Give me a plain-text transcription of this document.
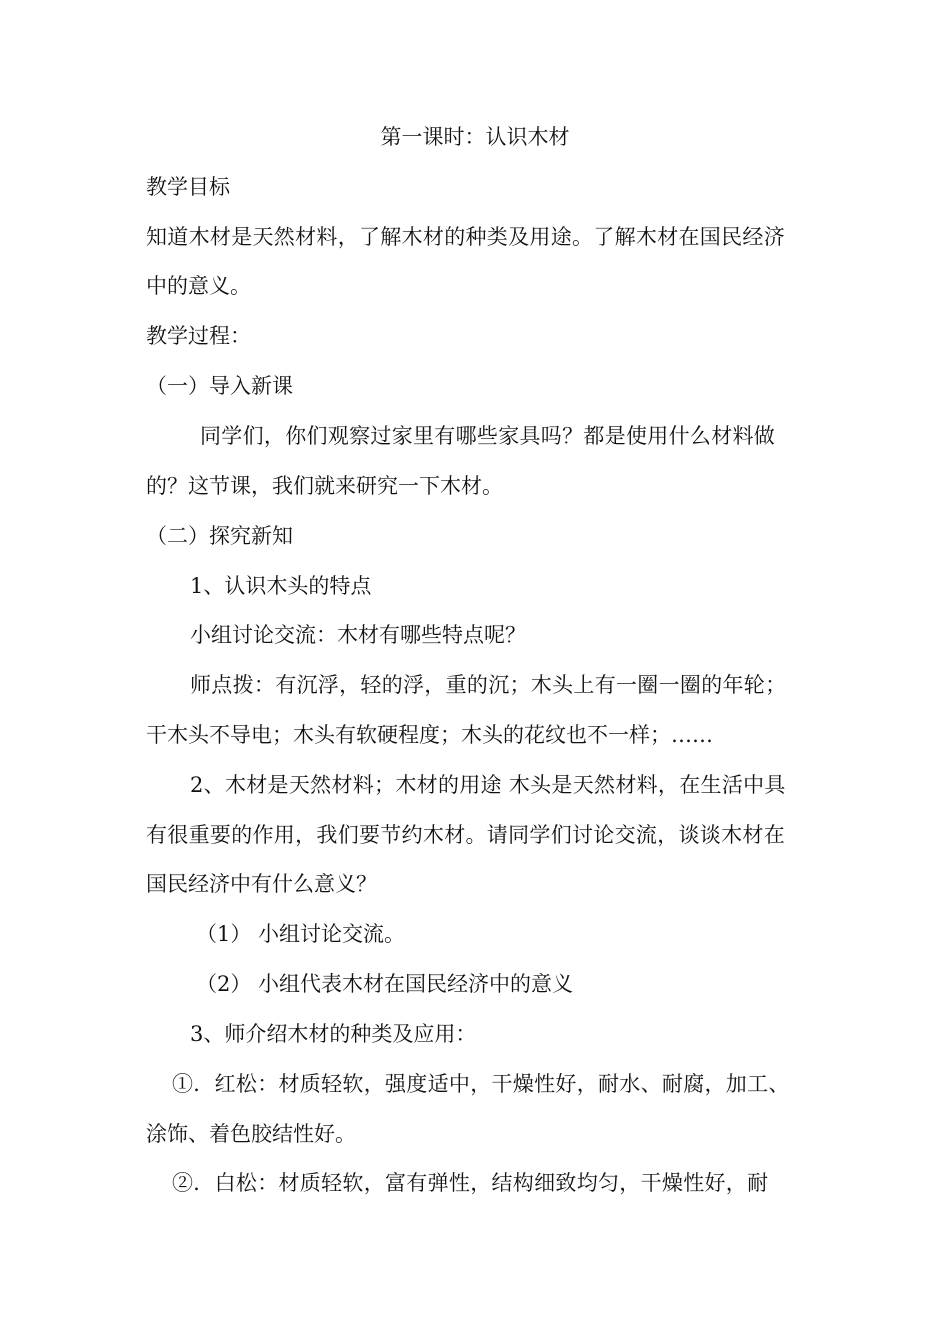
第一课时：认识木材
教学目标
知道木材是天然材料，了解木材的种类及用途。了解木材在国民经济
中的意义。
教学过程：
（一）导入新课
同学们，你们观察过家里有哪些家具吗？都是使用什么材料做
的？这节课，我们就来研究一下木材。
（二）探究新知
1、认识木头的特点
小组讨论交流：木材有哪些特点呢？
师点拨：有沉浮，轻的浮，重的沉；木头上有一圈一圈的年轮；
干木头不导电；木头有软硬程度；木头的花纹也不一样；……
2、木材是天然材料；木材的用途 木头是天然材料，在生活中具
有很重要的作用，我们要节约木材。请同学们讨论交流，谈谈木材在
国民经济中有什么意义？
（1） 小组讨论交流。
（2） 小组代表木材在国民经济中的意义
3、师介绍木材的种类及应用：
①．红松：材质轻软，强度适中，干燥性好，耐水、耐腐，加工、
涂饰、着色胶结性好。
②．白松：材质轻软，富有弹性，结构细致均匀，干燥性好，耐
